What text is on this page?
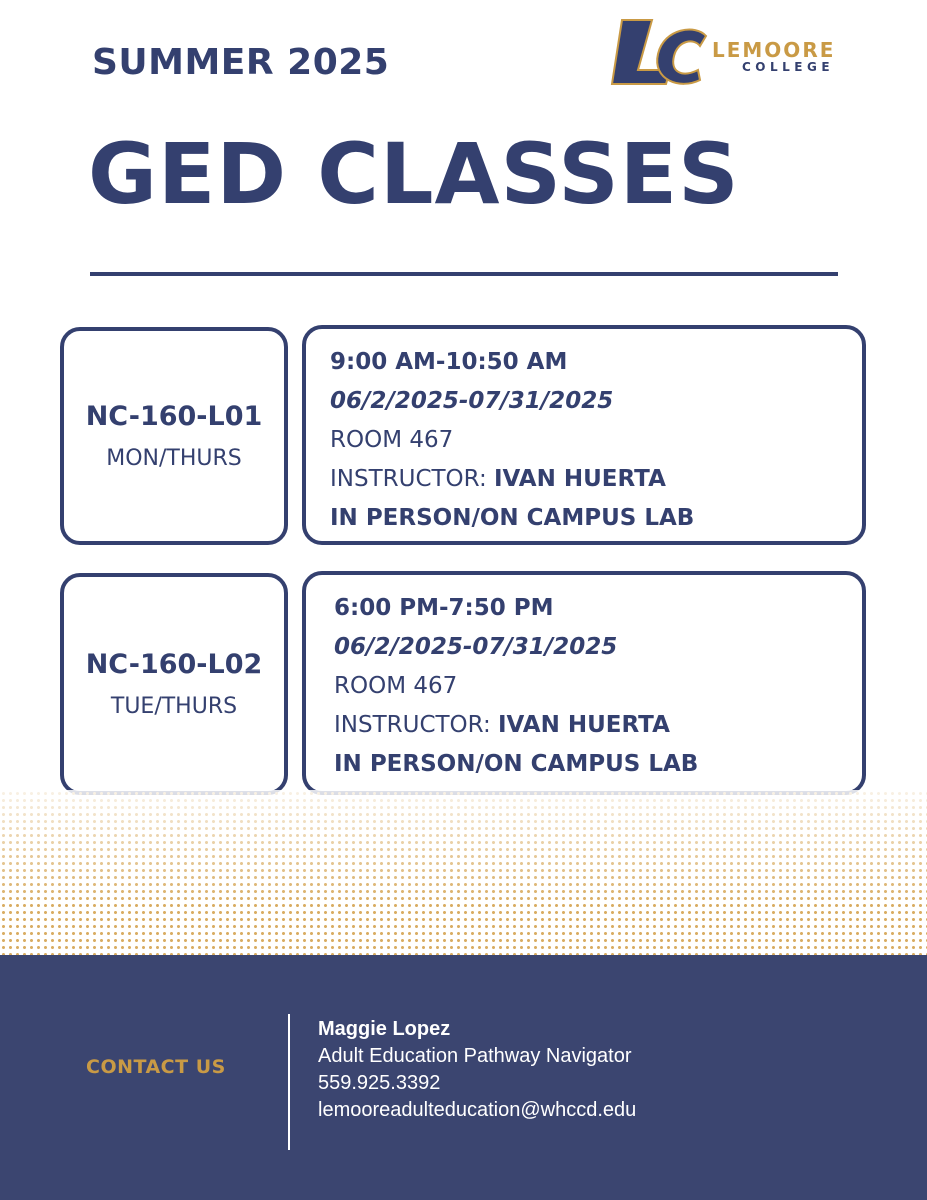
SUMMER 2025
GED CLASSES
LEMOORE
COLLEGE
NC-160-L01
MON/THURS
9:00 AM-10:50 AM
06/2/2025-07/31/2025
ROOM 467
INSTRUCTOR: IVAN HUERTA
IN PERSON/ON CAMPUS LAB
NC-160-L02
TUE/THURS
6:00 PM-7:50 PM
06/2/2025-07/31/2025
ROOM 467
INSTRUCTOR: IVAN HUERTA
IN PERSON/ON CAMPUS LAB
CONTACT US
Maggie Lopez
Adult Education Pathway Navigator
559.925.3392
lemooreadulteducation@whccd.edu
